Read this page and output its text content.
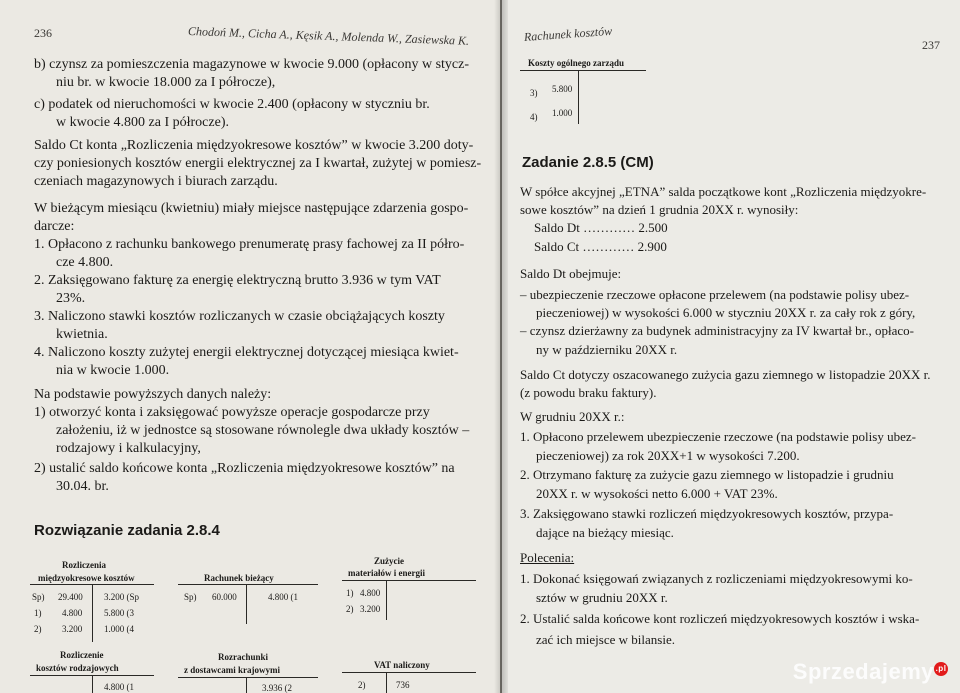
236	Chodoń M., Cicha A., Kęsik A., Molenda W., Zasiewska K.
b) czynsz za pomieszczenia magazynowe w kwocie 9.000 (opłacony w stycz-
niu br. w kwocie 18.000 za I półrocze),
c) podatek od nieruchomości w kwocie 2.400 (opłacony w styczniu br.
w kwocie 4.800 za I półrocze).
Saldo Ct konta „Rozliczenia międzyokresowe kosztów” w kwocie 3.200 doty-
czy poniesionych kosztów energii elektrycznej za I kwartał, zużytej w pomiesz-
czeniach magazynowych i biurach zarządu.
W bieżącym miesiącu (kwietniu) miały miejsce następujące zdarzenia gospo-
darcze:
1. Opłacono z rachunku bankowego prenumeratę prasy fachowej za II półro-
cze 4.800.
2. Zaksięgowano fakturę za energię elektryczną brutto 3.936 w tym VAT
23%.
3. Naliczono stawki kosztów rozliczanych w czasie obciążających koszty
kwietnia.
4. Naliczono koszty zużytej energii elektrycznej dotyczącej miesiąca kwiet-
nia w kwocie 1.000.
Na podstawie powyższych danych należy:
1) otworzyć konta i zaksięgować powyższe operacje gospodarcze przy
założeniu, iż w jednostce są stosowane równolegle dwa układy kosztów –
rodzajowy i kalkulacyjny,
2) ustalić saldo końcowe konta „Rozliczenia międzyokresowe kosztów” na
30.04. br.
Rozwiązanie zadania 2.8.4
Rozliczenia
międzyokresowe kosztów
Sp) 29.400 3.200 (Sp
1) 4.800 5.800 (3
2) 3.200 1.000 (4
Rachunek bieżący
Sp) 60.000	4.800 (1
Zużycie
materiałów i energii
1) 4.800
2) 3.200
Rozliczenie
kosztów rodzajowych
4.800 (1
Rozrachunki
z dostawcami krajowymi
3.936 (2
VAT naliczony
2)	736
Rachunek kosztów
237
Koszty ogólnego zarządu
3) 5.800
4) 1.000
Zadanie 2.8.5 (CM)
W spółce akcyjnej „ETNA” salda początkowe kont „Rozliczenia międzyokre-
sowe kosztów” na dzień 1 grudnia 20XX r. wynosiły:
Saldo Dt ………… 2.500
Saldo Ct ………… 2.900
Saldo Dt obejmuje:
– ubezpieczenie rzeczowe opłacone przelewem (na podstawie polisy ubez-
pieczeniowej) w wysokości 6.000 w styczniu 20XX r. za cały rok z góry,
– czynsz dzierżawny za budynek administracyjny za IV kwartał br., opłaco-
ny w październiku 20XX r.
Saldo Ct dotyczy oszacowanego zużycia gazu ziemnego w listopadzie 20XX r.
(z powodu braku faktury).
W grudniu 20XX r.:
1. Opłacono przelewem ubezpieczenie rzeczowe (na podstawie polisy ubez-
pieczeniowej) za rok 20XX+1 w wysokości 7.200.
2. Otrzymano fakturę za zużycie gazu ziemnego w listopadzie i grudniu
20XX r. w wysokości netto 6.000 + VAT 23%.
3. Zaksięgowano stawki rozliczeń międzyokresowych kosztów, przypa-
dające na bieżący miesiąc.
Polecenia:
1. Dokonać księgowań związanych z rozliczeniami międzyokresowymi ko-
sztów w grudniu 20XX r.
2. Ustalić salda końcowe kont rozliczeń międzyokresowych kosztów i wska-
zać ich miejsce w bilansie.
Sprzedajemy .pl
